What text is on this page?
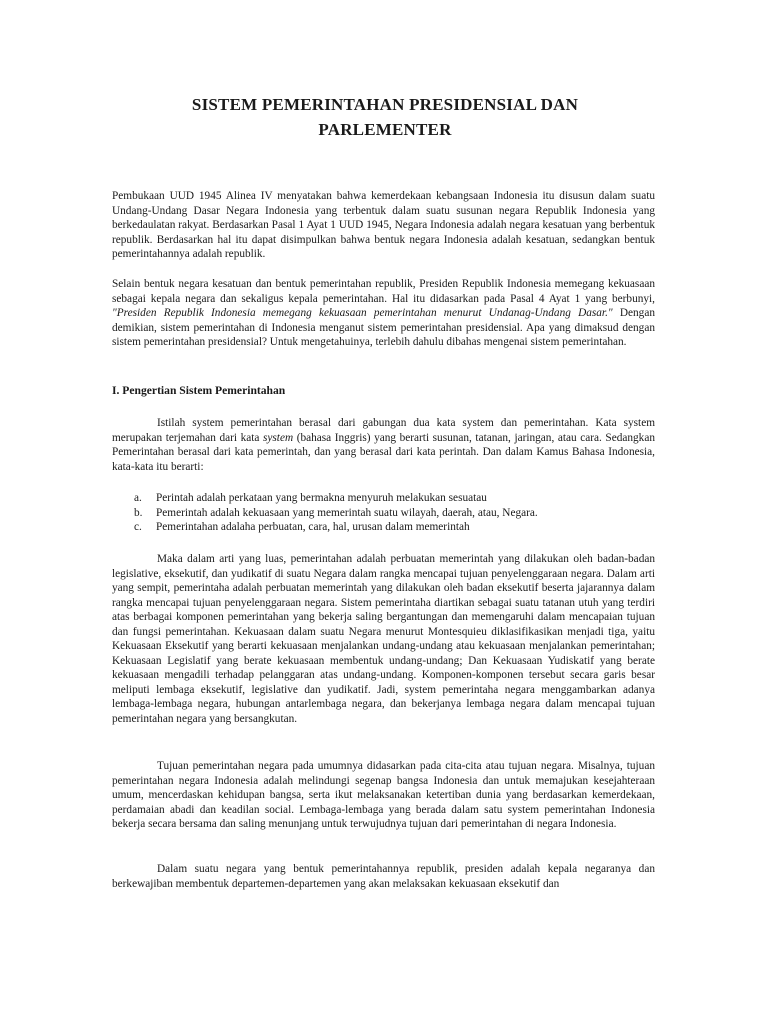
SISTEM PEMERINTAHAN PRESIDENSIAL DAN
PARLEMENTER

Pembukaan UUD 1945 Alinea IV menyatakan bahwa kemerdekaan kebangsaan Indonesia itu disusun dalam suatu Undang-Undang Dasar Negara Indonesia yang terbentuk dalam suatu susunan negara Republik Indonesia yang berkedaulatan rakyat. Berdasarkan Pasal 1 Ayat 1 UUD 1945, Negara Indonesia adalah negara kesatuan yang berbentuk republik. Berdasarkan hal itu dapat disimpulkan bahwa bentuk negara Indonesia adalah kesatuan, sedangkan bentuk pemerintahannya adalah republik.

Selain bentuk negara kesatuan dan bentuk pemerintahan republik, Presiden Republik Indonesia memegang kekuasaan sebagai kepala negara dan sekaligus kepala pemerintahan. Hal itu didasarkan pada Pasal 4 Ayat 1 yang berbunyi, "Presiden Republik Indonesia memegang kekuasaan pemerintahan menurut Undanag-Undang Dasar." Dengan demikian, sistem pemerintahan di Indonesia menganut sistem pemerintahan presidensial. Apa yang dimaksud dengan sistem pemerintahan presidensial? Untuk mengetahuinya, terlebih dahulu dibahas mengenai sistem pemerintahan.

I. Pengertian Sistem Pemerintahan

Istilah system pemerintahan berasal dari gabungan dua kata system dan pemerintahan. Kata system merupakan terjemahan dari kata system (bahasa Inggris) yang berarti susunan, tatanan, jaringan, atau cara. Sedangkan Pemerintahan berasal dari kata pemerintah, dan yang berasal dari kata perintah. Dan dalam Kamus Bahasa Indonesia, kata-kata itu berarti:

a.	Perintah adalah perkataan yang bermakna menyuruh melakukan sesuatau
b.	Pemerintah adalah kekuasaan yang memerintah suatu wilayah, daerah, atau, Negara.
c.	Pemerintahan adalaha perbuatan, cara, hal, urusan dalam memerintah

Maka dalam arti yang luas, pemerintahan adalah perbuatan memerintah yang dilakukan oleh badan-badan legislative, eksekutif, dan yudikatif di suatu Negara dalam rangka mencapai tujuan penyelenggaraan negara. Dalam arti yang sempit, pemerintaha adalah perbuatan memerintah yang dilakukan oleh badan eksekutif beserta jajarannya dalam rangka mencapai tujuan penyelenggaraan negara. Sistem pemerintaha diartikan sebagai suatu tatanan utuh yang terdiri atas berbagai komponen pemerintahan yang bekerja saling bergantungan dan memengaruhi dalam mencapaian tujuan dan fungsi pemerintahan. Kekuasaan dalam suatu Negara menurut Montesquieu diklasifikasikan menjadi tiga, yaitu Kekuasaan Eksekutif yang berarti kekuasaan menjalankan undang-undang atau kekuasaan menjalankan pemerintahan; Kekuasaan Legislatif yang berate kekuasaan membentuk undang-undang; Dan Kekuasaan Yudiskatif yang berate kekuasaan mengadili terhadap pelanggaran atas undang-undang. Komponen-komponen tersebut secara garis besar meliputi lembaga eksekutif, legislative dan yudikatif. Jadi, system pemerintaha negara menggambarkan adanya lembaga-lembaga negara, hubungan antarlembaga negara, dan bekerjanya lembaga negara dalam mencapai tujuan pemerintahan negara yang bersangkutan.

Tujuan pemerintahan negara pada umumnya didasarkan pada cita-cita atau tujuan negara. Misalnya, tujuan pemerintahan negara Indonesia adalah melindungi segenap bangsa Indonesia dan untuk memajukan kesejahteraan umum, mencerdaskan kehidupan bangsa, serta ikut melaksanakan ketertiban dunia yang berdasarkan kemerdekaan, perdamaian abadi dan keadilan social. Lembaga-lembaga yang berada dalam satu system pemerintahan Indonesia bekerja secara bersama dan saling menunjang untuk terwujudnya tujuan dari pemerintahan di negara Indonesia.

Dalam suatu negara yang bentuk pemerintahannya republik, presiden adalah kepala negaranya dan berkewajiban membentuk departemen-departemen yang akan melaksakan kekuasaan eksekutif dan
